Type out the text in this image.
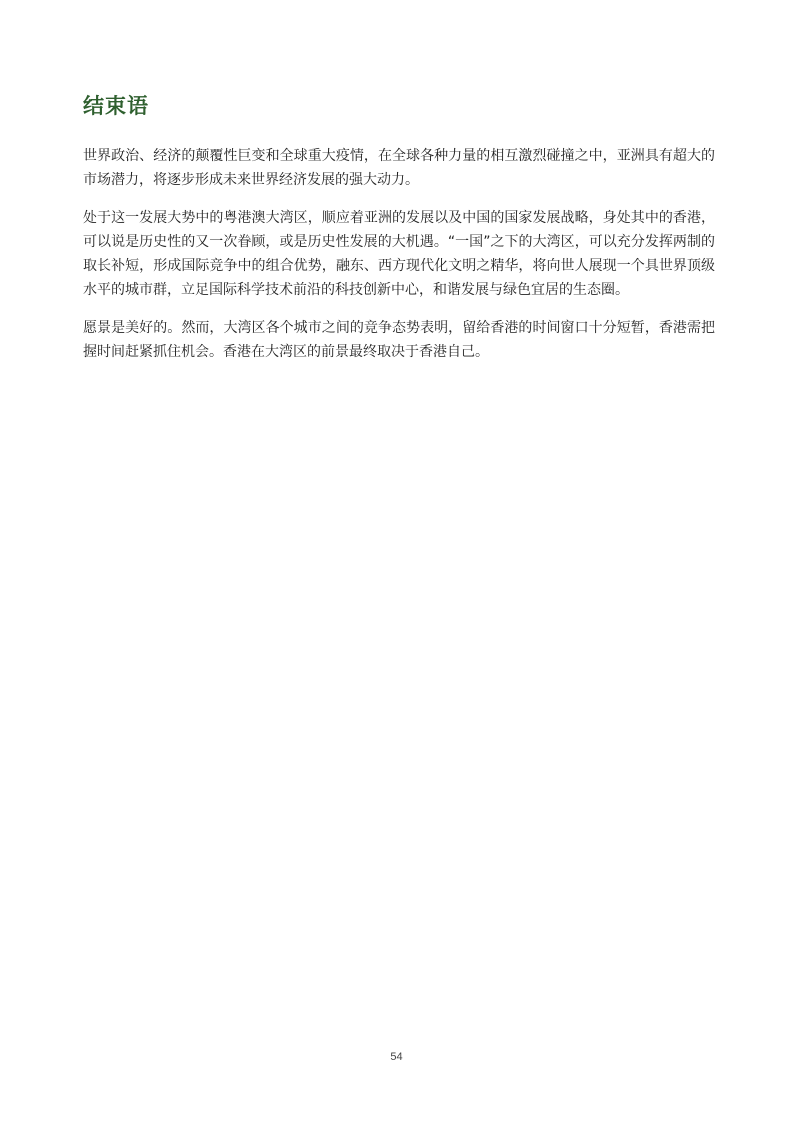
结束语

世界政治、经济的颠覆性巨变和全球重大疫情，在全球各种力量的相互激烈碰撞之中，亚洲具有超大的市场潜力，将逐步形成未来世界经济发展的强大动力。

处于这一发展大势中的粤港澳大湾区，顺应着亚洲的发展以及中国的国家发展战略，身处其中的香港，可以说是历史性的又一次眷顾，或是历史性发展的大机遇。“一国”之下的大湾区，可以充分发挥两制的取长补短，形成国际竞争中的组合优势，融东、西方现代化文明之精华，将向世人展现一个具世界顶级水平的城市群，立足国际科学技术前沿的科技创新中心，和谐发展与绿色宜居的生态圈。

愿景是美好的。然而，大湾区各个城市之间的竞争态势表明，留给香港的时间窗口十分短暂，香港需把握时间赶紧抓住机会。香港在大湾区的前景最终取决于香港自己。

54
